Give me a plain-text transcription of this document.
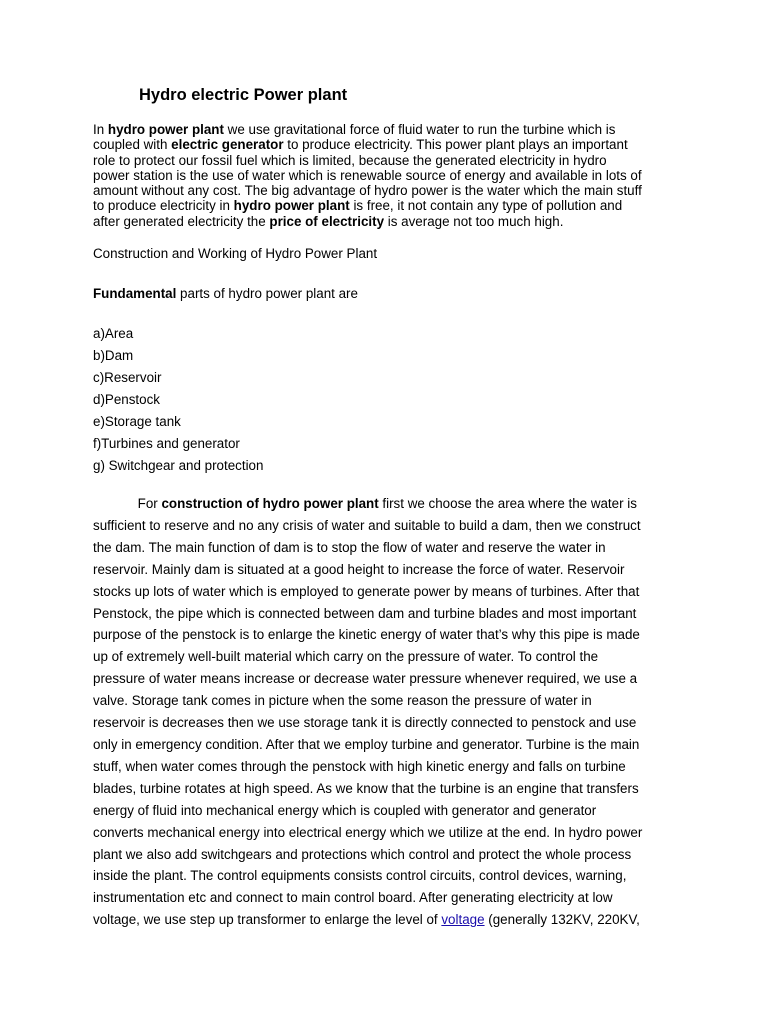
Hydro electric Power plant
In hydro power plant we use gravitational force of fluid water to run the turbine which is
coupled with electric generator to produce electricity. This power plant plays an important
role to protect our fossil fuel which is limited, because the generated electricity in hydro
power station is the use of water which is renewable source of energy and available in lots of
amount without any cost. The big advantage of hydro power is the water which the main stuff
to produce electricity in hydro power plant is free, it not contain any type of pollution and
after generated electricity the price of electricity is average not too much high.
Construction and Working of Hydro Power Plant
Fundamental parts of hydro power plant are
a)Area
b)Dam
c)Reservoir
d)Penstock
e)Storage tank
f)Turbines and generator
g) Switchgear and protection
For construction of hydro power plant first we choose the area where the water is
sufficient to reserve and no any crisis of water and suitable to build a dam, then we construct
the dam. The main function of dam is to stop the flow of water and reserve the water in
reservoir. Mainly dam is situated at a good height to increase the force of water. Reservoir
stocks up lots of water which is employed to generate power by means of turbines. After that
Penstock, the pipe which is connected between dam and turbine blades and most important
purpose of the penstock is to enlarge the kinetic energy of water that’s why this pipe is made
up of extremely well-built material which carry on the pressure of water. To control the
pressure of water means increase or decrease water pressure whenever required, we use a
valve. Storage tank comes in picture when the some reason the pressure of water in
reservoir is decreases then we use storage tank it is directly connected to penstock and use
only in emergency condition. After that we employ turbine and generator. Turbine is the main
stuff, when water comes through the penstock with high kinetic energy and falls on turbine
blades, turbine rotates at high speed. As we know that the turbine is an engine that transfers
energy of fluid into mechanical energy which is coupled with generator and generator
converts mechanical energy into electrical energy which we utilize at the end. In hydro power
plant we also add switchgears and protections which control and protect the whole process
inside the plant. The control equipments consists control circuits, control devices, warning,
instrumentation etc and connect to main control board. After generating electricity at low
voltage, we use step up transformer to enlarge the level of voltage (generally 132KV, 220KV,
